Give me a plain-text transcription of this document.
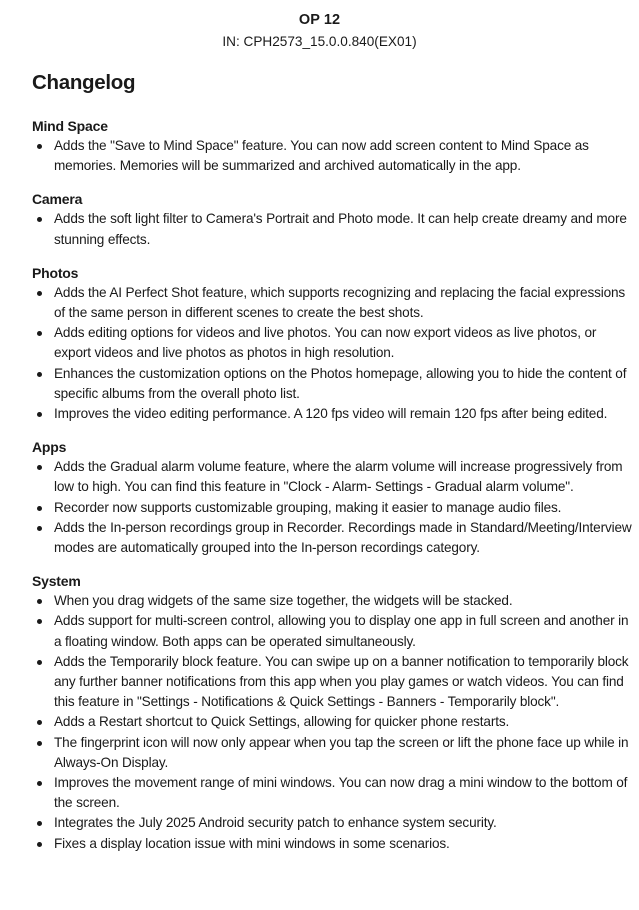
OP 12
IN: CPH2573_15.0.0.840(EX01)
Changelog
Mind Space
Adds the "Save to Mind Space" feature. You can now add screen content to Mind Space as memories. Memories will be summarized and archived automatically in the app.
Camera
Adds the soft light filter to Camera's Portrait and Photo mode. It can help create dreamy and more stunning effects.
Photos
Adds the AI Perfect Shot feature, which supports recognizing and replacing the facial expressions of the same person in different scenes to create the best shots.
Adds editing options for videos and live photos. You can now export videos as live photos, or export videos and live photos as photos in high resolution.
Enhances the customization options on the Photos homepage, allowing you to hide the content of specific albums from the overall photo list.
Improves the video editing performance. A 120 fps video will remain 120 fps after being edited.
Apps
Adds the Gradual alarm volume feature, where the alarm volume will increase progressively from low to high. You can find this feature in "Clock - Alarm- Settings - Gradual alarm volume".
Recorder now supports customizable grouping, making it easier to manage audio files.
Adds the In-person recordings group in Recorder. Recordings made in Standard/Meeting/Interview modes are automatically grouped into the In-person recordings category.
System
When you drag widgets of the same size together, the widgets will be stacked.
Adds support for multi-screen control, allowing you to display one app in full screen and another in a floating window. Both apps can be operated simultaneously.
Adds the Temporarily block feature. You can swipe up on a banner notification to temporarily block any further banner notifications from this app when you play games or watch videos. You can find this feature in "Settings - Notifications & Quick Settings - Banners - Temporarily block".
Adds a Restart shortcut to Quick Settings, allowing for quicker phone restarts.
The fingerprint icon will now only appear when you tap the screen or lift the phone face up while in Always-On Display.
Improves the movement range of mini windows. You can now drag a mini window to the bottom of the screen.
Integrates the July 2025 Android security patch to enhance system security.
Fixes a display location issue with mini windows in some scenarios.
